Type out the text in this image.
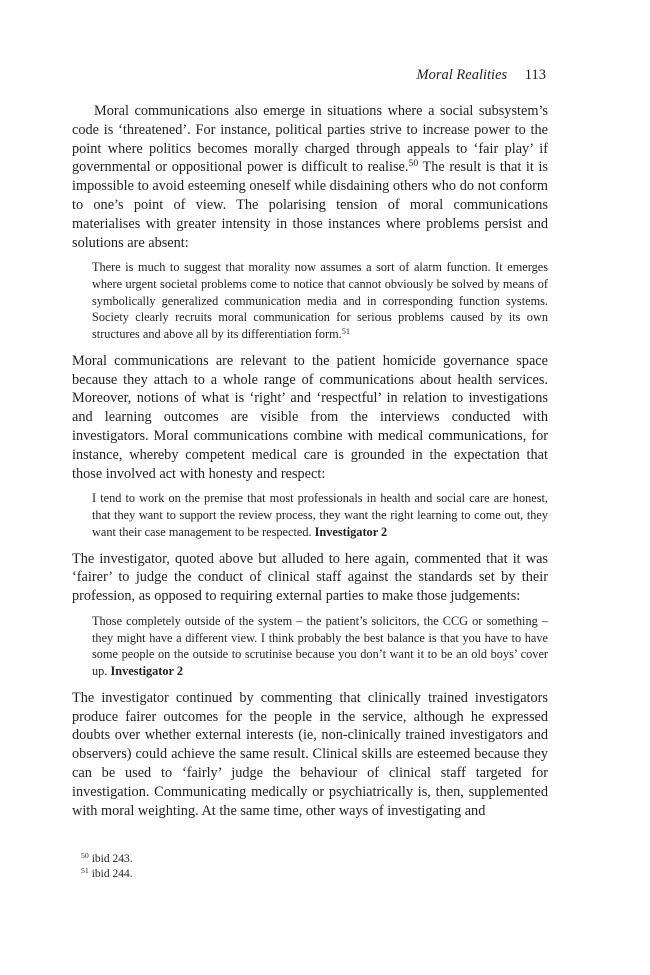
Moral Realities 113

Moral communications also emerge in situations where a social subsystem’s code is ‘threatened’. For instance, political parties strive to increase power to the point where politics becomes morally charged through appeals to ‘fair play’ if governmental or oppositional power is difficult to realise.$^{50}$ The result is that it is impossible to avoid esteeming oneself while disdaining others who do not conform to one’s point of view. The polarising tension of moral communications materialises with greater intensity in those instances where problems persist and solutions are absent:

There is much to suggest that morality now assumes a sort of alarm function. It emerges where urgent societal problems come to notice that cannot obviously be solved by means of symbolically generalized communication media and in corresponding function systems. Society clearly recruits moral communication for serious problems caused by its own structures and above all by its differentiation form.$^{51}$

Moral communications are relevant to the patient homicide governance space because they attach to a whole range of communications about health services. Moreover, notions of what is ‘right’ and ‘respectful’ in relation to investigations and learning outcomes are visible from the interviews conducted with investigators. Moral communications combine with medical communications, for instance, whereby competent medical care is grounded in the expectation that those involved act with honesty and respect:

I tend to work on the premise that most professionals in health and social care are honest, that they want to support the review process, they want the right learning to come out, they want their case management to be respected. Investigator 2

The investigator, quoted above but alluded to here again, commented that it was ‘fairer’ to judge the conduct of clinical staff against the standards set by their profession, as opposed to requiring external parties to make those judgements:

Those completely outside of the system – the patient’s solicitors, the CCG or something – they might have a different view. I think probably the best balance is that you have to have some people on the outside to scrutinise because you don’t want it to be an old boys’ cover up. Investigator 2

The investigator continued by commenting that clinically trained investigators produce fairer outcomes for the people in the service, although he expressed doubts over whether external interests (ie, non-clinically trained investigators and observers) could achieve the same result. Clinical skills are esteemed because they can be used to ‘fairly’ judge the behaviour of clinical staff targeted for investigation. Communicating medically or psychiatrically is, then, supplemented with moral weighting. At the same time, other ways of investigating and

$^{50}$ ibid 243.
$^{51}$ ibid 244.
